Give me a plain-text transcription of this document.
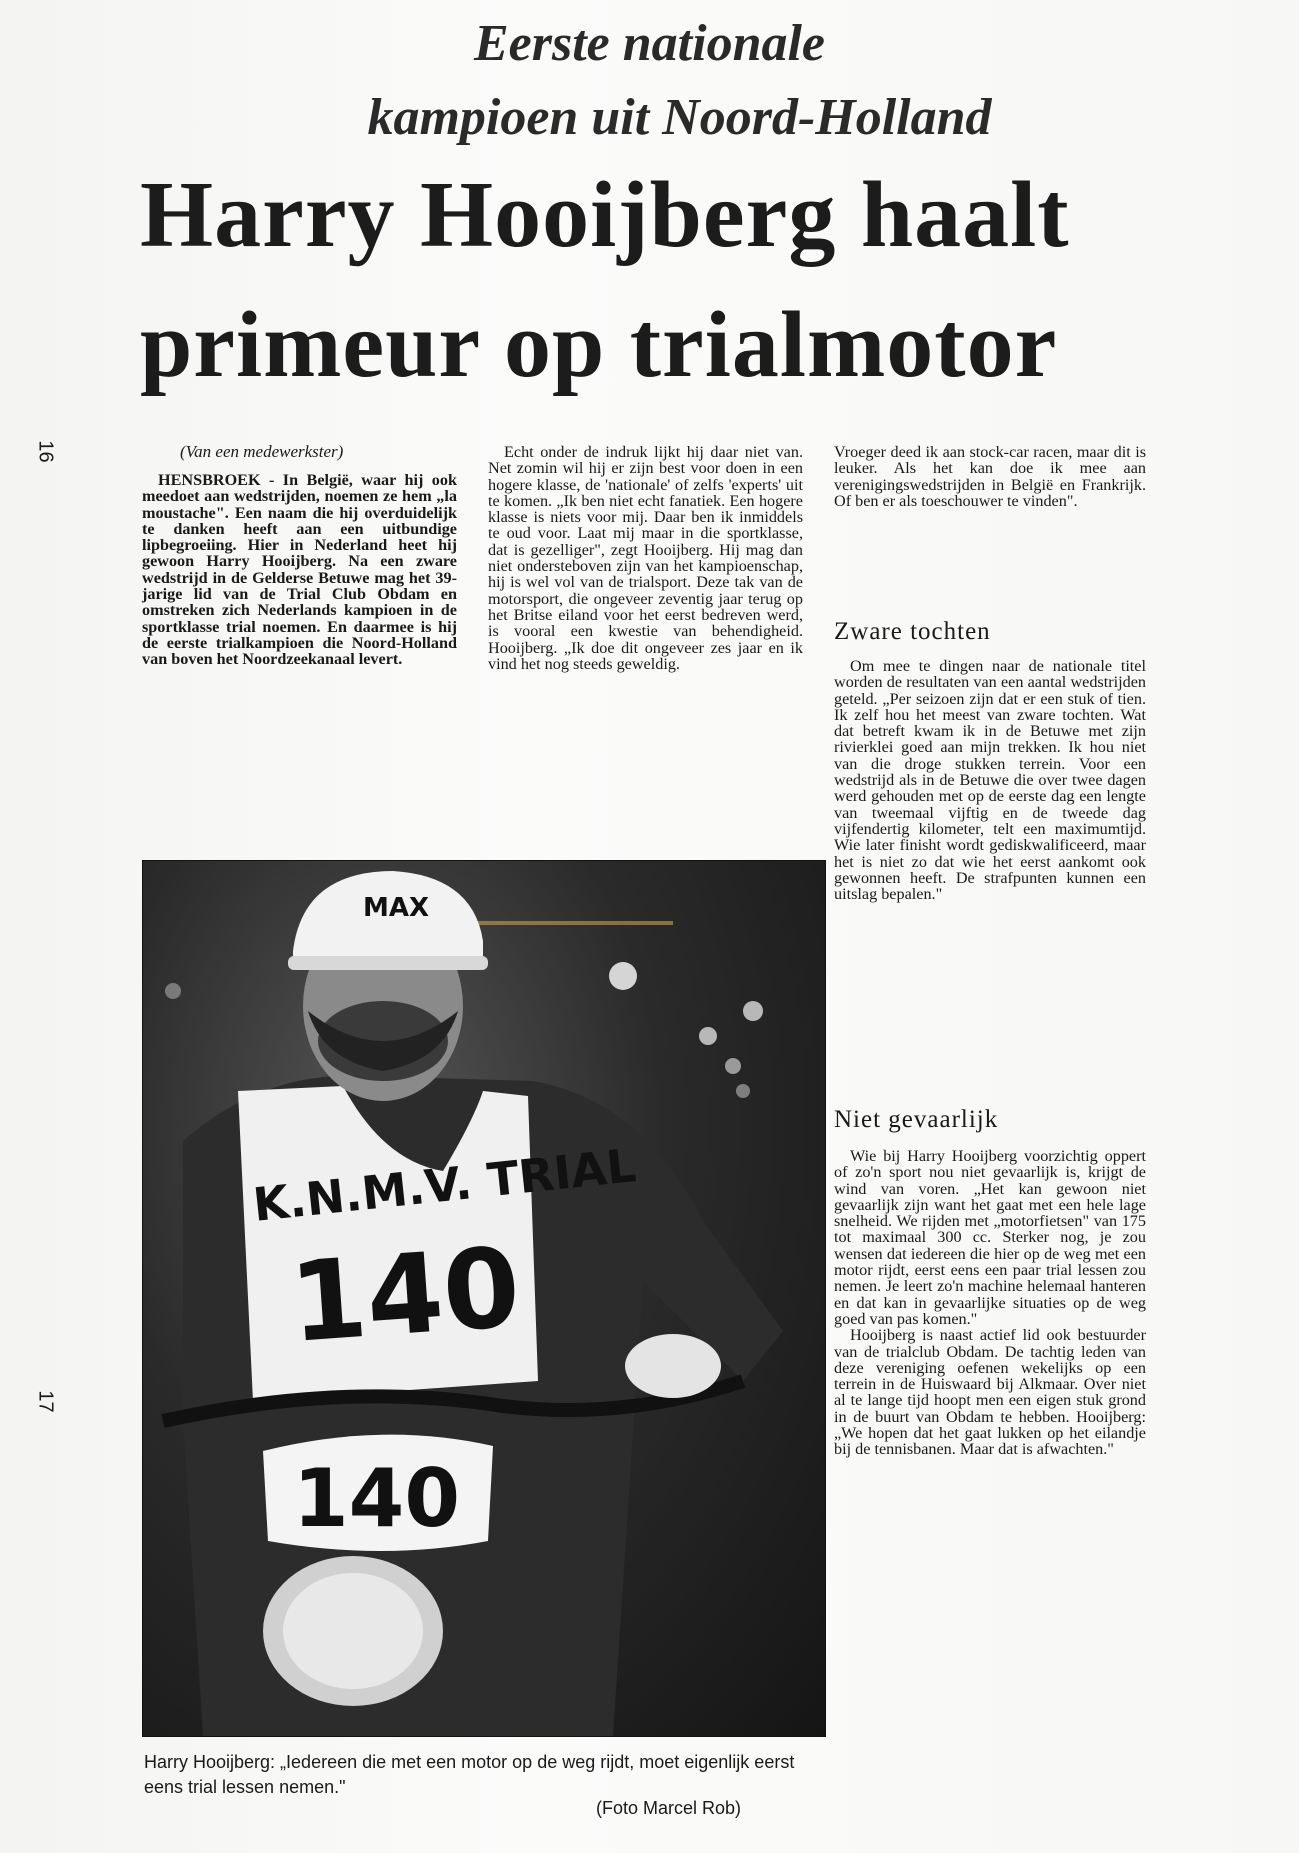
16
17
Eerste nationale
kampioen uit Noord-Holland
Harry Hooijberg haalt
primeur op trialmotor
(Van een medewerkster)

HENSBROEK - In België, waar hij ook meedoet aan wedstrijden, noemen ze hem „la moustache". Een naam die hij overduidelijk te danken heeft aan een uitbundige lipbegroeiing. Hier in Nederland heet hij gewoon Harry Hooijberg. Na een zware wedstrijd in de Gelderse Betuwe mag het 39-jarige lid van de Trial Club Obdam en omstreken zich Nederlands kampioen in de sportklasse trial noemen. En daarmee is hij de eerste trialkampioen die Noord-Holland van boven het Noordzeekanaal levert.

Echt onder de indruk lijkt hij daar niet van. Net zomin wil hij er zijn best voor doen in een hogere klasse, de 'nationale' of zelfs 'experts' uit te komen. „Ik ben niet echt fanatiek. Een hogere klasse is niets voor mij. Daar ben ik inmiddels te oud voor. Laat mij maar in die sportklasse, dat is gezelliger", zegt Hooijberg. Hij mag dan niet ondersteboven zijn van het kampioenschap, hij is wel vol van de trialsport. Deze tak van de motorsport, die ongeveer zeventig jaar terug op het Britse eiland voor het eerst bedreven werd, is vooral een kwestie van behendigheid. Hooijberg. „Ik doe dit ongeveer zes jaar en ik vind het nog steeds geweldig.

Vroeger deed ik aan stock-car racen, maar dit is leuker. Als het kan doe ik mee aan verenigingswedstrijden in België en Frankrijk. Of ben er als toeschouwer te vinden".

Zware tochten

Om mee te dingen naar de nationale titel worden de resultaten van een aantal wedstrijden geteld. „Per seizoen zijn dat er een stuk of tien. Ik zelf hou het meest van zware tochten. Wat dat betreft kwam ik in de Betuwe met zijn rivierklei goed aan mijn trekken. Ik hou niet van die droge stukken terrein. Voor een wedstrijd als in de Betuwe die over twee dagen werd gehouden met op de eerste dag een lengte van tweemaal vijftig en de tweede dag vijfendertig kilometer, telt een maximumtijd. Wie later finisht wordt gediskwalificeerd, maar het is niet zo dat wie het eerst aankomt ook gewonnen heeft. De strafpunten kunnen een uitslag bepalen."

Niet gevaarlijk

Wie bij Harry Hooijberg voorzichtig oppert of zo'n sport nou niet gevaarlijk is, krijgt de wind van voren. „Het kan gewoon niet gevaarlijk zijn want het gaat met een hele lage snelheid. We rijden met „motorfietsen" van 175 tot maximaal 300 cc. Sterker nog, je zou wensen dat iedereen die hier op de weg met een motor rijdt, eerst eens een paar trial lessen zou nemen. Je leert zo'n machine helemaal hanteren en dat kan in gevaarlijke situaties op de weg goed van pas komen."

Hooijberg is naast actief lid ook bestuurder van de trialclub Obdam. De tachtig leden van deze vereniging oefenen wekelijks op een terrein in de Huiswaard bij Alkmaar. Over niet al te lange tijd hoopt men een eigen stuk grond in de buurt van Obdam te hebben. Hooijberg: „We hopen dat het gaat lukken op het eilandje bij de tennisbanen. Maar dat is afwachten."

K.N.M.V. TRIAL
140
MAX
140
Harry Hooijberg: „Iedereen die met een motor op de weg rijdt, moet eigenlijk eerst eens trial lessen nemen."
(Foto Marcel Rob)
